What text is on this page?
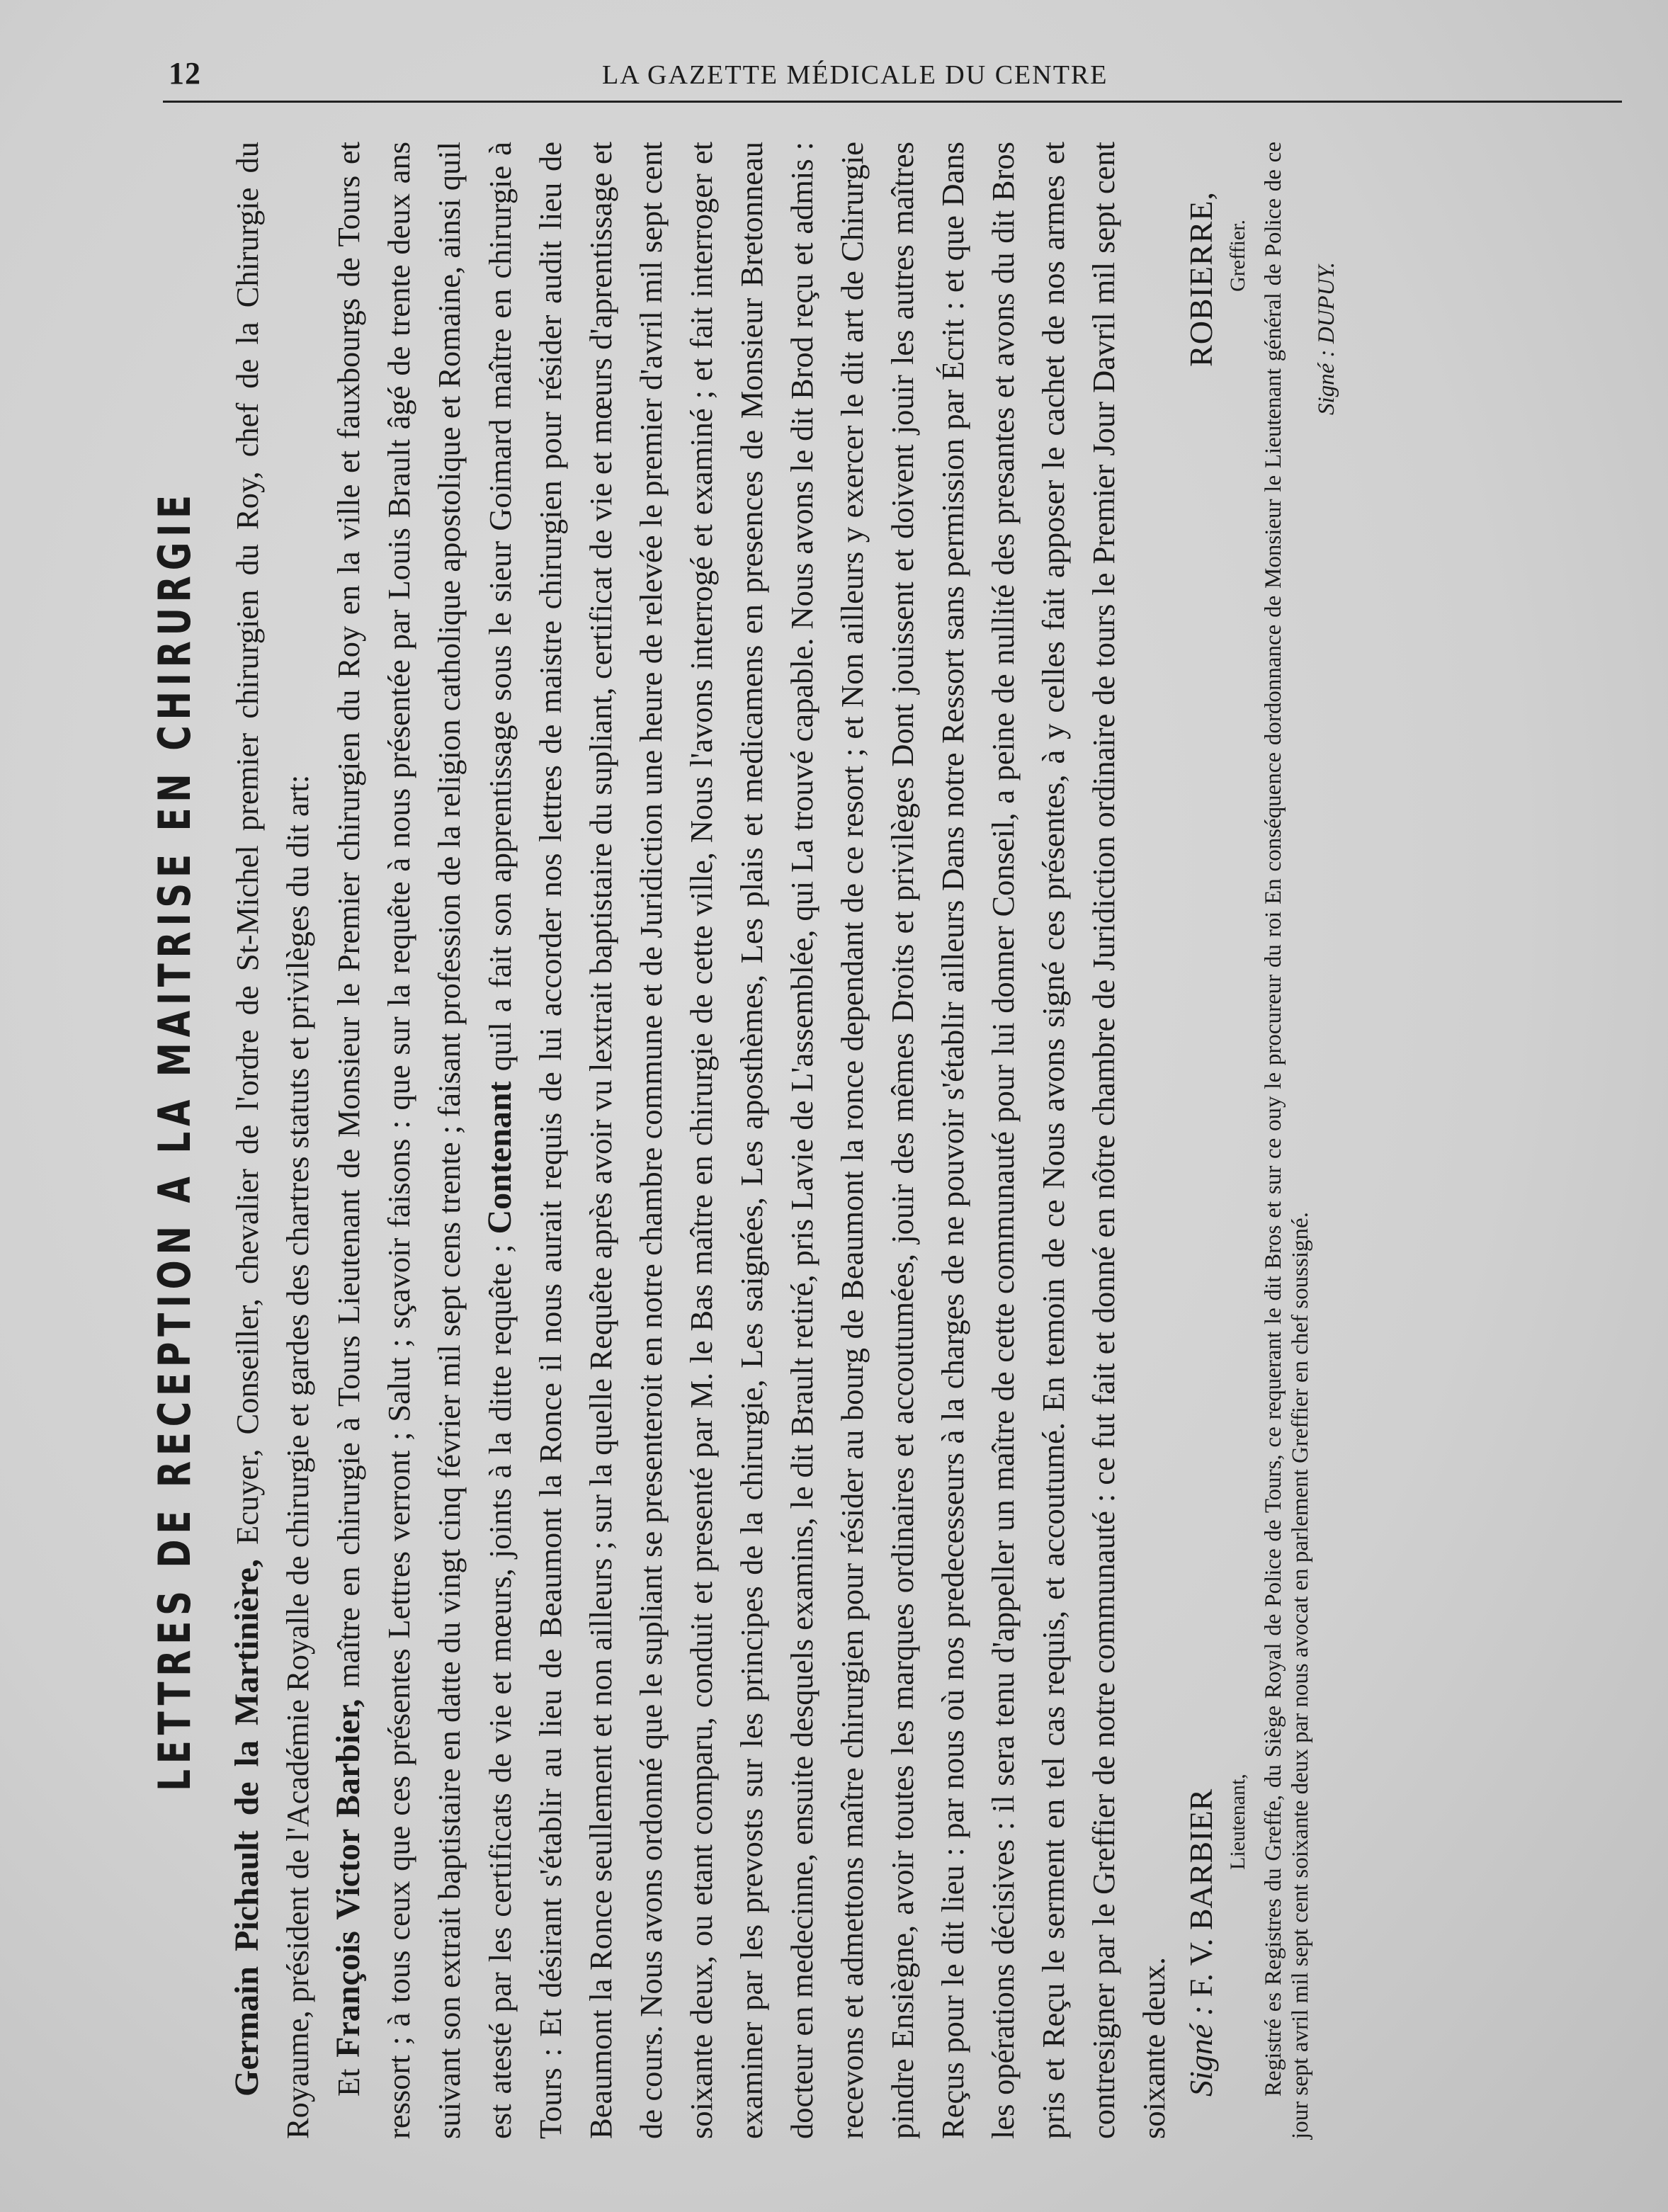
12	LA GAZETTE MÉDICALE DU CENTRE
LETTRES DE RECEPTION A LA MAITRISE EN CHIRURGIE

Germain Pichault de la Martinière, Ecuyer, Conseiller, chevalier de l'ordre de St-Michel premier chirurgien du Roy, chef de la Chirurgie du Royaume, président de l'Académie Royalle de chirurgie et gardes des chartres statuts et privilèges du dit art: Et François Victor Barbier, maître en chirurgie à Tours Lieutenant de Monsieur le Premier chirurgien du Roy en la ville et fauxbourgs de Tours et ressort ; à tous ceux que ces présentes Lettres verront ; Salut ; sçavoir faisons : que sur la requête à nous présentée par Louis Brault âgé de trente deux ans suivant son extrait baptistaire en datte du vingt cinq février mil sept cens trente ; faisant profession de la religion catholique apostolique et Romaine, ainsi quil est atesté par les certificats de vie et mœurs, joints à la ditte requête ; Contenant quil a fait son apprentissage sous le sieur Goimard maître en chirurgie à Tours : Et désirant s'établir au lieu de Beaumont la Ronce il nous aurait requis de lui accorder nos lettres de maistre chirurgien pour résider audit lieu de Beaumont la Ronce seullement et non ailleurs ; sur la quelle Requête après avoir vu lextrait baptistaire du supliant, certificat de vie et mœurs d'aprentissage et de cours. Nous avons ordonné que le supliant se presenteroit en notre chambre commune et de Juridiction une heure de relevée le premier d'avril mil sept cent soixante deux, ou etant comparu, conduit et presenté par M. le Bas maître en chirurgie de cette ville, Nous l'avons interrogé et examiné ; et fait interroger et examiner par les prevosts sur les principes de la chirurgie, Les saignées, Les aposthèmes, Les plais et medicamens en presences de Monsieur Bretonneau docteur en medecinne, ensuite desquels examins, le dit Brault retiré, pris Lavie de L'assemblée, qui La trouvé capable. Nous avons le dit Brod reçu et admis : recevons et admettons maître chirurgien pour résider au bourg de Beaumont la ronce dependant de ce resort ; et Non ailleurs y exercer le dit art de Chirurgie pindre Ensiègne, avoir toutes les marques ordinaires et accoutumées, jouir des mêmes Droits et privilèges Dont jouissent et doivent jouir les autres maîtres Reçus pour le dit lieu : par nous où nos predecesseurs à la charges de ne pouvoir s'établir ailleurs Dans notre Ressort sans permission par Écrit : et que Dans les opérations décisives : il sera tenu d'appeller un maître de cette communauté pour lui donner Conseil, a peine de nullité des presantes et avons du dit Bros pris et Reçu le serment en tel cas requis, et accoutumé. En temoin de ce Nous avons signé ces présentes, à y celles fait apposer le cachet de nos armes et contresigner par le Greffier de notre communauté : ce fut fait et donné en nôtre chambre de Juridiction ordinaire de tours le Premier Jour Davril mil sept cent soixante deux. Signé : F. V. BARBIER Lieutenant,
ROBIERRE, Greffier. Registré es Registres du Greffe, du Siège Royal de Police de Tours, ce requerant le dit Bros et sur ce ouy le procureur du roi En conséquence dordonnance de Monsieur le Lieutenant général de Police de ce jour sept avril mil sept cent soixante deux par nous avocat en parlement Greffier en chef soussigné.

Signé : DUPUY.
